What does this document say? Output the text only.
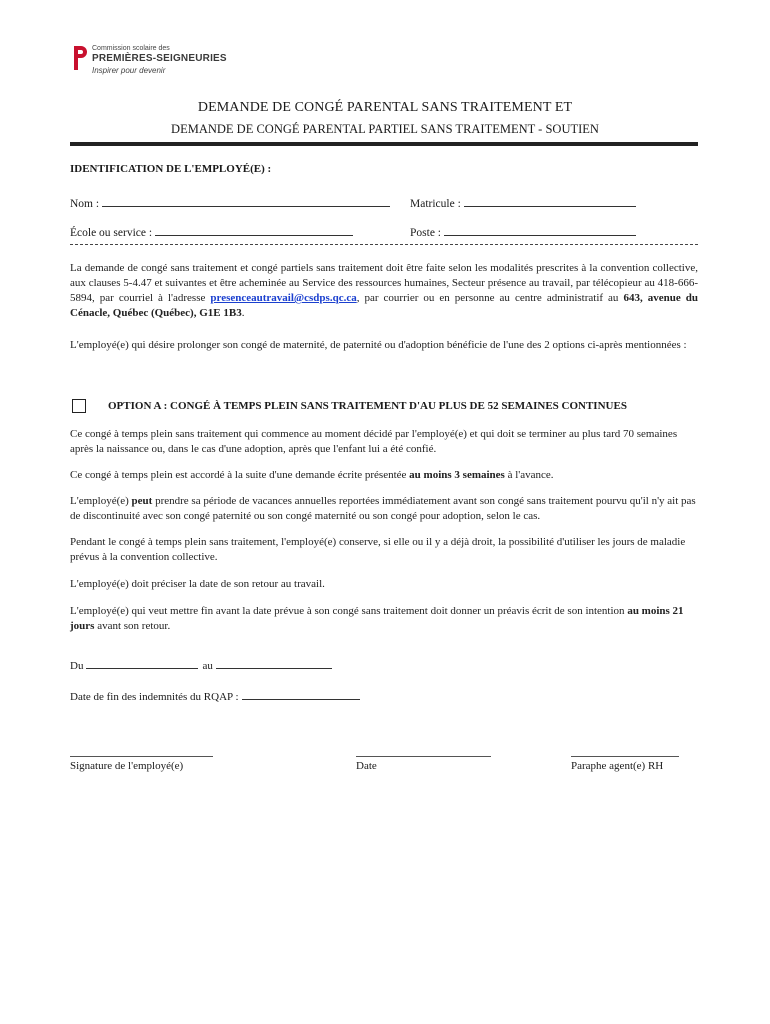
Commission scolaire des
PREMIÈRES-SEIGNEURIES
Inspirer pour devenir
DEMANDE DE CONGÉ PARENTAL SANS TRAITEMENT ET
DEMANDE DE CONGÉ PARENTAL PARTIEL SANS TRAITEMENT - SOUTIEN
IDENTIFICATION DE L'EMPLOYÉ(E) :
Nom :	Matricule :
École ou service :	Poste :
La demande de congé sans traitement et congé partiels sans traitement doit être faite selon les modalités prescrites à la convention collective, aux clauses 5-4.47 et suivantes et être acheminée au Service des ressources humaines, Secteur présence au travail, par télécopieur au 418-666-5894, par courriel à l'adresse presenceautravail@csdps.qc.ca, par courrier ou en personne au centre administratif au 643, avenue du Cénacle, Québec (Québec), G1E 1B3.
L'employé(e) qui désire prolonger son congé de maternité, de paternité ou d'adoption bénéficie de l'une des 2 options ci-après mentionnées :
OPTION A : CONGÉ À TEMPS PLEIN SANS TRAITEMENT D'AU PLUS DE 52 SEMAINES CONTINUES
Ce congé à temps plein sans traitement qui commence au moment décidé par l'employé(e) et qui doit se terminer au plus tard 70 semaines après la naissance ou, dans le cas d'une adoption, après que l'enfant lui a été confié.
Ce congé à temps plein est accordé à la suite d'une demande écrite présentée au moins 3 semaines à l'avance.
L'employé(e) peut prendre sa période de vacances annuelles reportées immédiatement avant son congé sans traitement pourvu qu'il n'y ait pas de discontinuité avec son congé paternité ou son congé maternité ou son congé pour adoption, selon le cas.
Pendant le congé à temps plein sans traitement, l'employé(e) conserve, si elle ou il y a déjà droit, la possibilité d'utiliser les jours de maladie prévus à la convention collective.
L'employé(e) doit préciser la date de son retour au travail.
L'employé(e) qui veut mettre fin avant la date prévue à son congé sans traitement doit donner un préavis écrit de son intention au moins 21 jours avant son retour.
Du	au
Date de fin des indemnités du RQAP :
Signature de l'employé(e)	Date	Paraphe agent(e) RH
